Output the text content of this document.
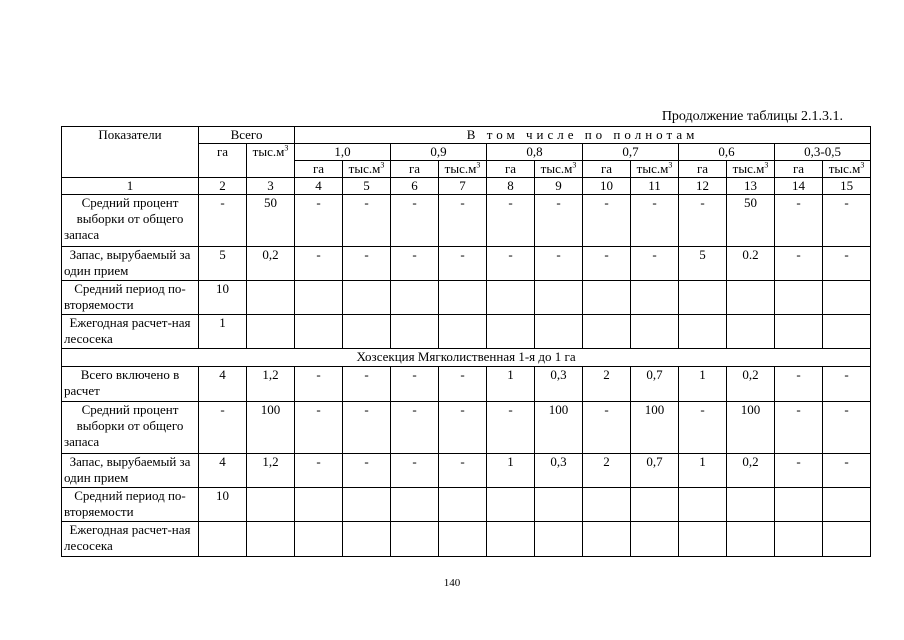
Продолжение таблицы 2.1.3.1.
Показатели	Всего		В том числе по полнотам											
	га	$тыс.м^3$	1,0		0,9		0,8		0,7		0,6		0,3-0,5	
			га	$тыс.м^3$	га	$тыс.м^3$	га	$тыс.м^3$	га	$тыс.м^3$	га	$тыс.м^3$	га	$тыс.м^3$
1	2	3	4	5	6	7	8	9	10	11	12	13	14	15
Средний процент выборки от общего запаса	-	50	-	-	-	-	-	-	-	-	-	50	-	-
Запас, вырубаемый за один прием	5	0,2	-	-	-	-	-	-	-	-	5	0.2	-	-
Средний период по-вторяемости	10													
Ежегодная расчет-ная лесосека	1													
Хозсекция Мягколиственная 1-я до 1 га														
Всего включено в расчет	4	1,2	-	-	-	-	1	0,3	2	0,7	1	0,2	-	-
Средний процент выборки от общего запаса	-	100	-	-	-	-	-	100	-	100	-	100	-	-
Запас, вырубаемый за один прием	4	1,2	-	-	-	-	1	0,3	2	0,7	1	0,2	-	-
Средний период по-вторяемости	10													
Ежегодная расчет-ная лесосека														
140
